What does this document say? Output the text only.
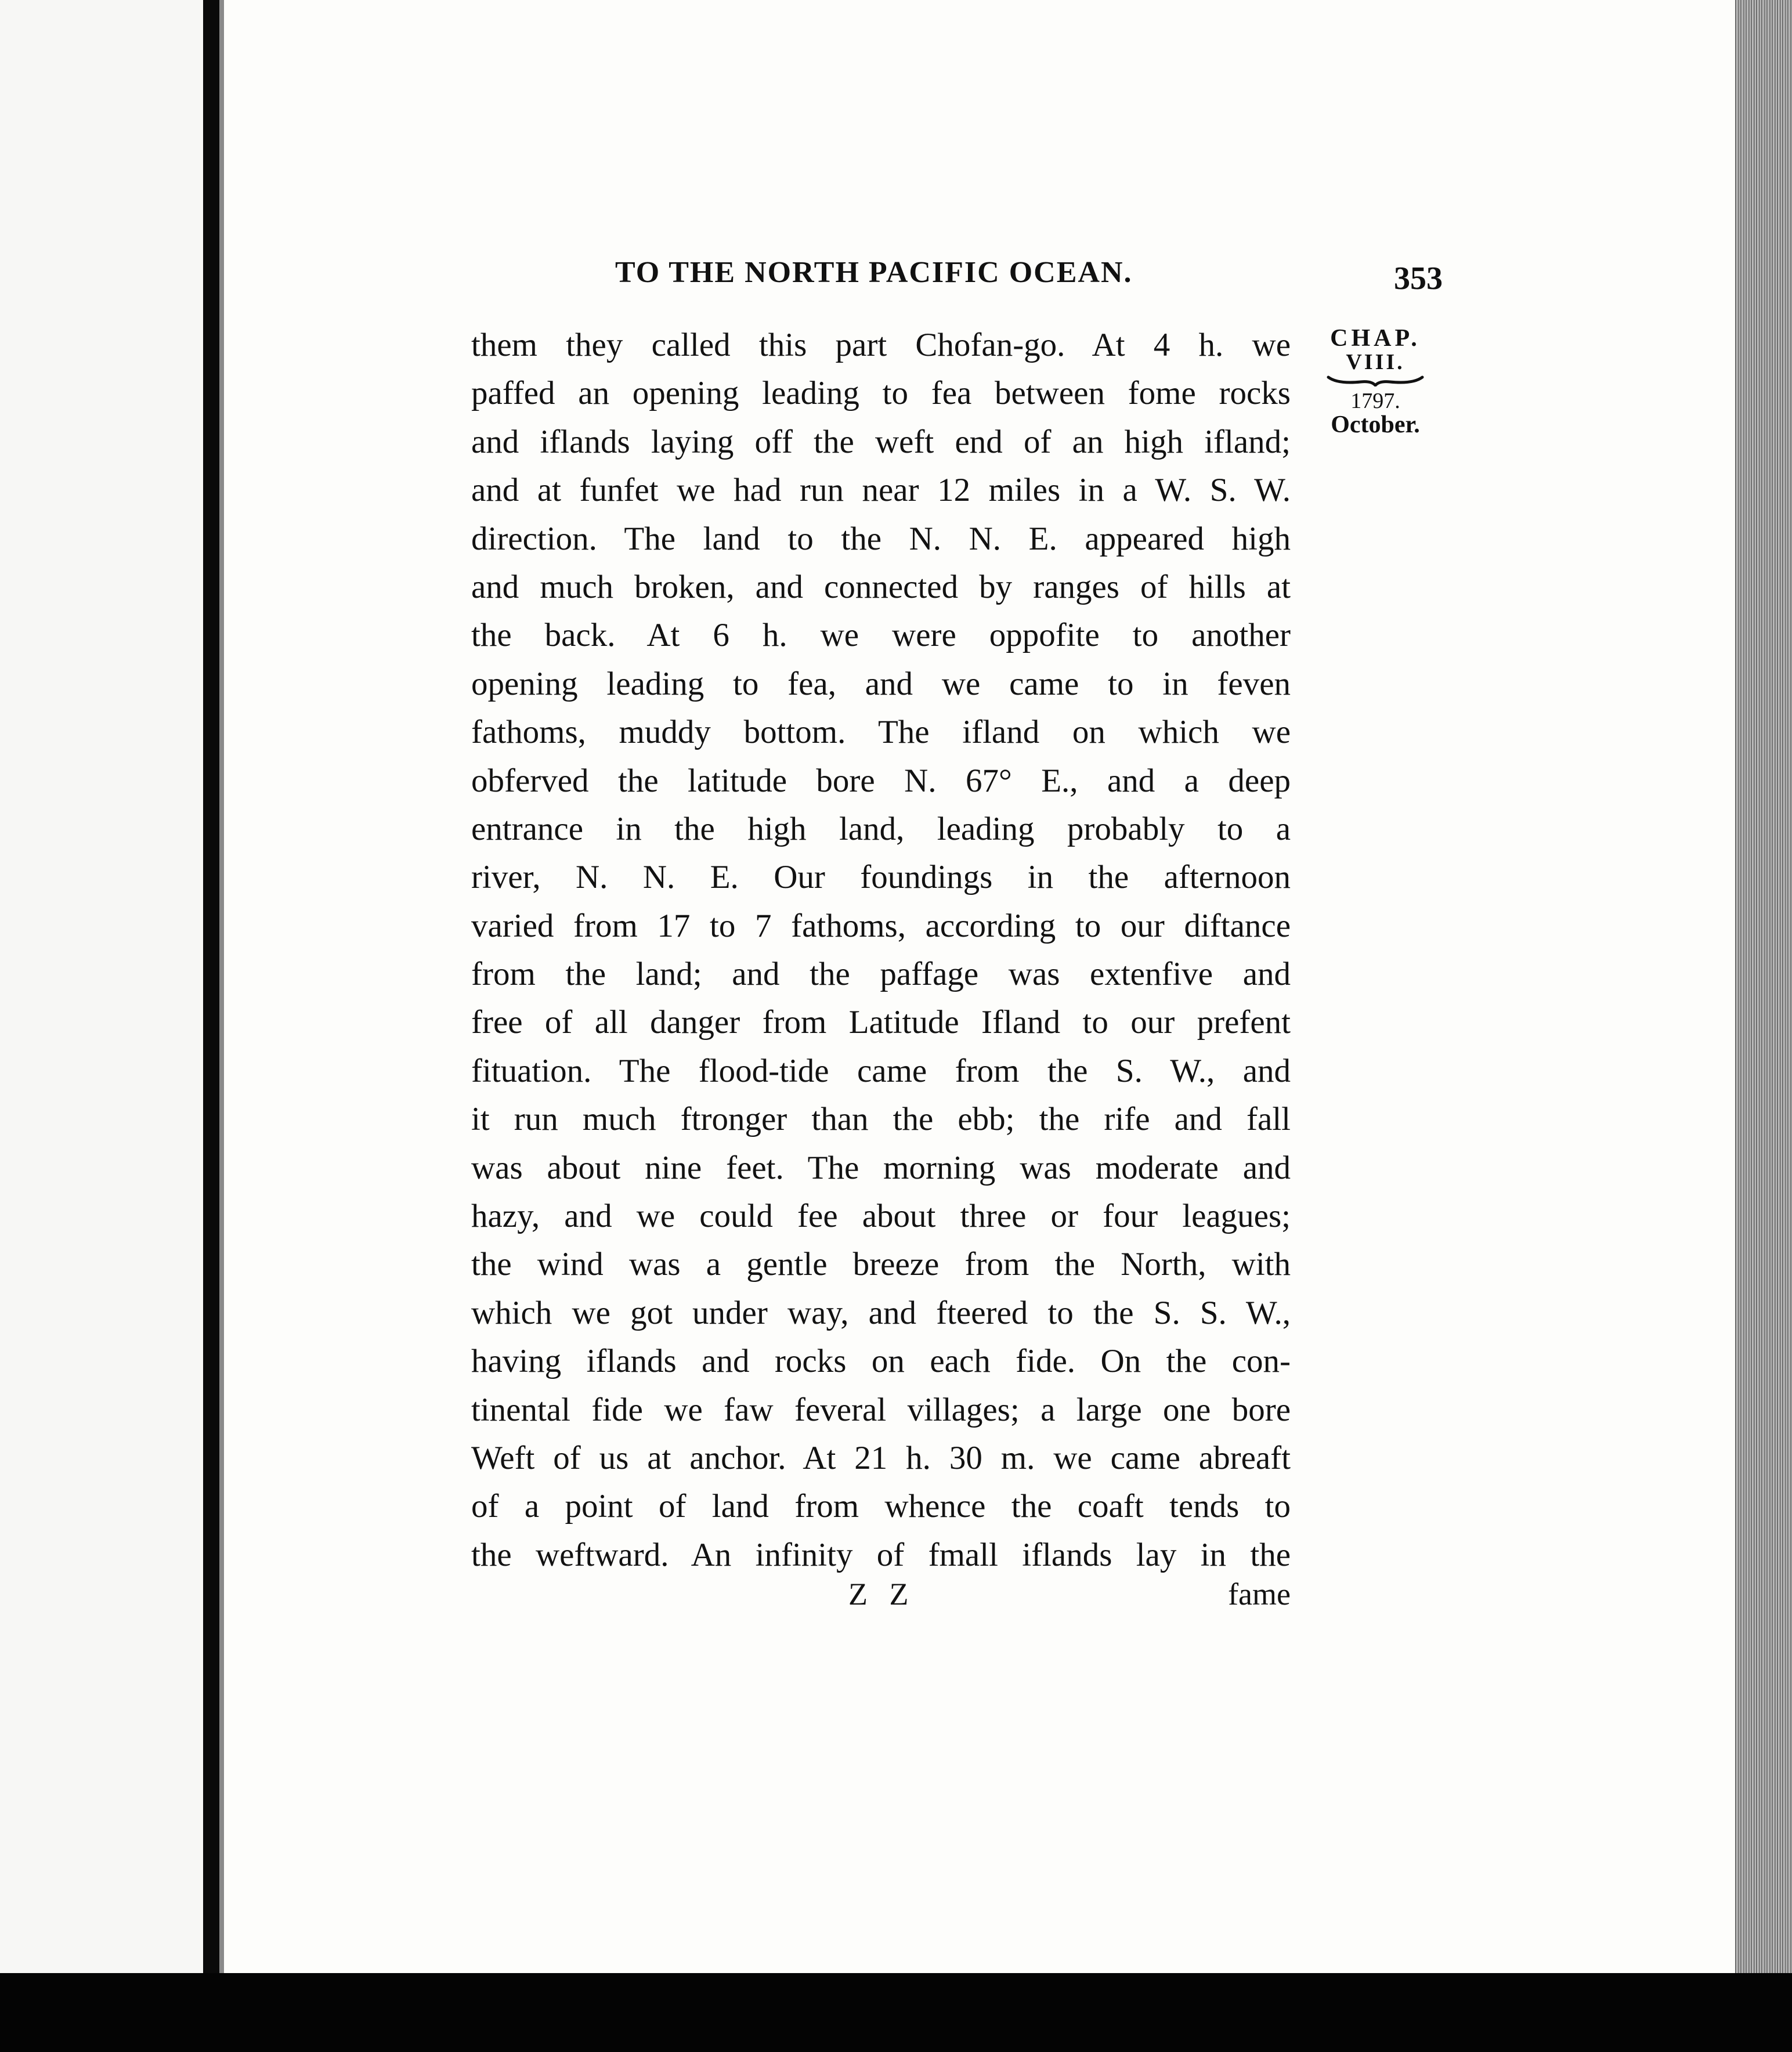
TO THE NORTH PACIFIC OCEAN.	353
CHAP.
VIII.
1797.
October.
them they called this part Chofan-go. At 4 h. we
paffed an opening leading to fea between fome rocks
and iflands laying off the weft end of an high ifland;
and at funfet we had run near 12 miles in a W. S. W.
direction. The land to the N. N. E. appeared high
and much broken, and connected by ranges of hills at
the back. At 6 h. we were oppofite to another
opening leading to fea, and we came to in feven
fathoms, muddy bottom. The ifland on which we
obferved the latitude bore N. 67° E., and a deep
entrance in the high land, leading probably to a
river, N. N. E. Our foundings in the afternoon
varied from 17 to 7 fathoms, according to our diftance
from the land; and the paffage was extenfive and
free of all danger from Latitude Ifland to our prefent
fituation. The flood-tide came from the S. W., and
it run much ftronger than the ebb; the rife and fall
was about nine feet. The morning was moderate and
hazy, and we could fee about three or four leagues;
the wind was a gentle breeze from the North, with
which we got under way, and fteered to the S. S. W.,
having iflands and rocks on each fide. On the con-
tinental fide we faw feveral villages; a large one bore
Weft of us at anchor. At 21 h. 30 m. we came abreaft
of a point of land from whence the coaft tends to
the weftward. An infinity of fmall iflands lay in the
Z Z	fame
